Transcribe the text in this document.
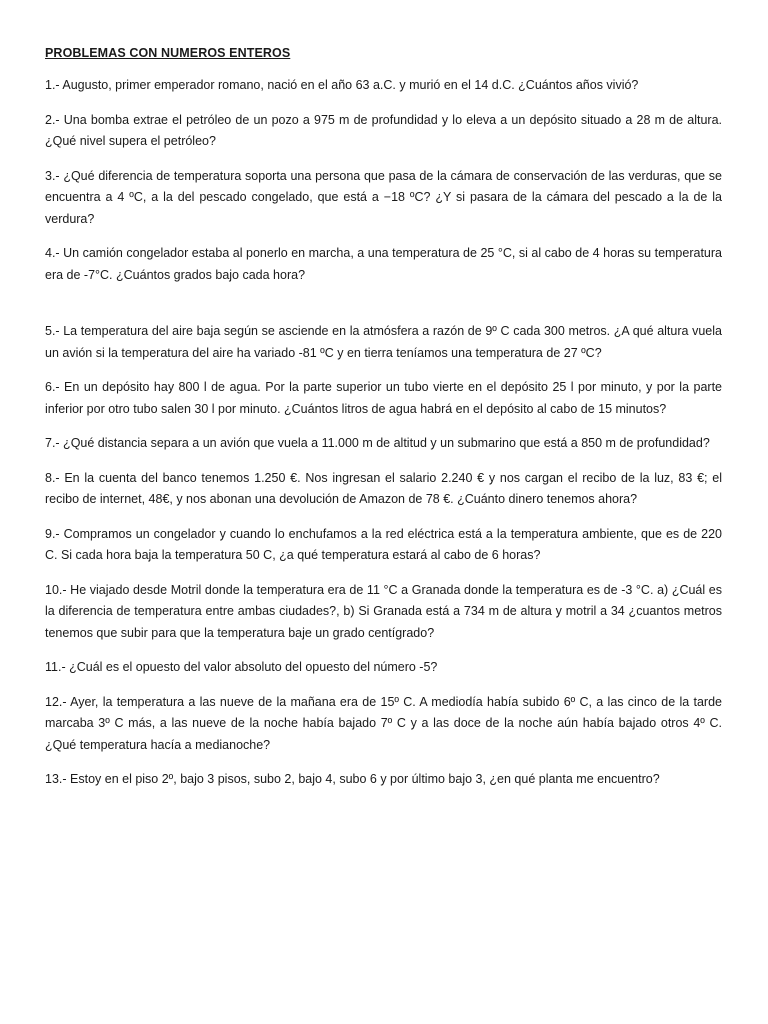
PROBLEMAS CON NUMEROS ENTEROS

1.- Augusto, primer emperador romano, nació en el año 63 a.C. y murió en el 14 d.C. ¿Cuántos años vivió?

2.- Una bomba extrae el petróleo de un pozo a 975 m de profundidad y lo eleva a un depósito situado a 28 m de altura. ¿Qué nivel supera el petróleo?

3.- ¿Qué diferencia de temperatura soporta una persona que pasa de la cámara de conservación de las verduras, que se encuentra a 4 ºC, a la del pescado congelado, que está a −18 ºC? ¿Y si pasara de la cámara del pescado a la de la verdura?

4.- Un camión congelador estaba al ponerlo en marcha, a una temperatura de 25 °C, si al cabo de 4 horas su temperatura era de -7°C. ¿Cuántos grados bajo cada hora?

5.- La temperatura del aire baja según se asciende en la atmósfera a razón de 9º C cada 300 metros. ¿A qué altura vuela un avión si la temperatura del aire ha variado -81 ºC y en tierra teníamos una temperatura de 27 ºC?

6.- En un depósito hay 800 l de agua. Por la parte superior un tubo vierte en el depósito 25 l por minuto, y por la parte inferior por otro tubo salen 30 l por minuto. ¿Cuántos litros de agua habrá en el depósito al cabo de 15 minutos?

7.- ¿Qué distancia separa a un avión que vuela a 11.000 m de altitud y un submarino que está a 850 m de profundidad?

8.- En la cuenta del banco tenemos 1.250 €. Nos ingresan el salario 2.240 € y nos cargan el recibo de la luz, 83 €; el recibo de internet, 48€, y nos abonan una devolución de Amazon de 78 €. ¿Cuánto dinero tenemos ahora?

9.- Compramos un congelador y cuando lo enchufamos a la red eléctrica está a la temperatura ambiente, que es de 220 C. Si cada hora baja la temperatura 50 C, ¿a qué temperatura estará al cabo de 6 horas?

10.- He viajado desde Motril donde la temperatura era de 11 °C a Granada donde la temperatura es de -3 °C. a) ¿Cuál es la diferencia de temperatura entre ambas ciudades?, b) Si Granada está a 734 m de altura y motril a 34 ¿cuantos metros tenemos que subir para que la temperatura baje un grado centígrado?

11.- ¿Cuál es el opuesto del valor absoluto del opuesto del número -5?

12.- Ayer, la temperatura a las nueve de la mañana era de 15º C. A mediodía había subido 6º C, a las cinco de la tarde marcaba 3º C más, a las nueve de la noche había bajado 7º C y a las doce de la noche aún había bajado otros 4º C. ¿Qué temperatura hacía a medianoche?

13.- Estoy en el piso 2º, bajo 3 pisos, subo 2, bajo 4, subo 6 y por último bajo 3, ¿en qué planta me encuentro?
